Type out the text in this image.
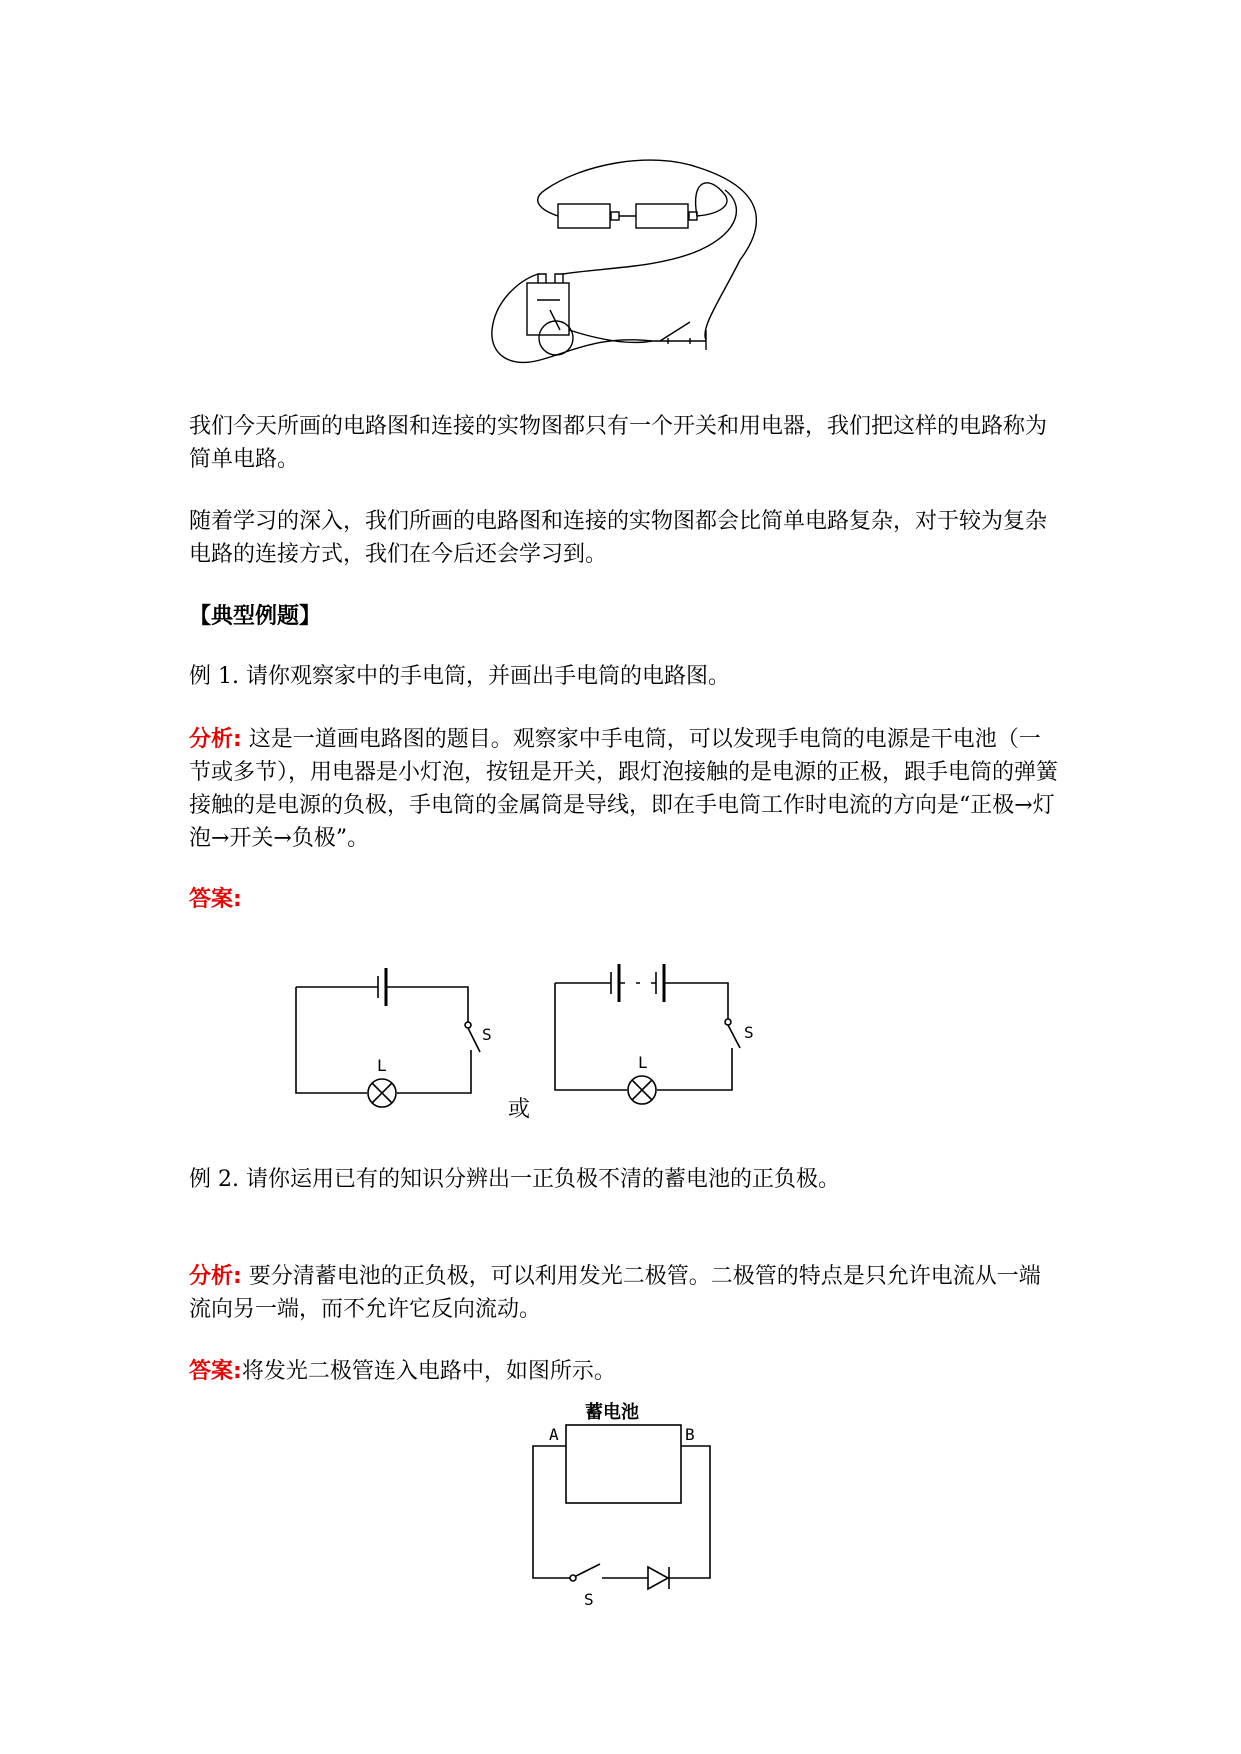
我们今天所画的电路图和连接的实物图都只有一个开关和用电器，我们把这样的电路称为简单电路。
随着学习的深入，我们所画的电路图和连接的实物图都会比简单电路复杂，对于较为复杂电路的连接方式，我们在今后还会学习到。
【典型例题】
例 1. 请你观察家中的手电筒，并画出手电筒的电路图。
分析: 这是一道画电路图的题目。观察家中手电筒，可以发现手电筒的电源是干电池（一节或多节），用电器是小灯泡，按钮是开关，跟灯泡接触的是电源的正极，跟手电筒的弹簧接触的是电源的负极，手电筒的金属筒是导线，即在手电筒工作时电流的方向是“正极→灯泡→开关→负极”。
答案:
S
L
或
S
L
例 2. 请你运用已有的知识分辨出一正负极不清的蓄电池的正负极。
分析: 要分清蓄电池的正负极，可以利用发光二极管。二极管的特点是只允许电流从一端流向另一端，而不允许它反向流动。
答案:将发光二极管连入电路中，如图所示。
蓄电池
A	B
S
